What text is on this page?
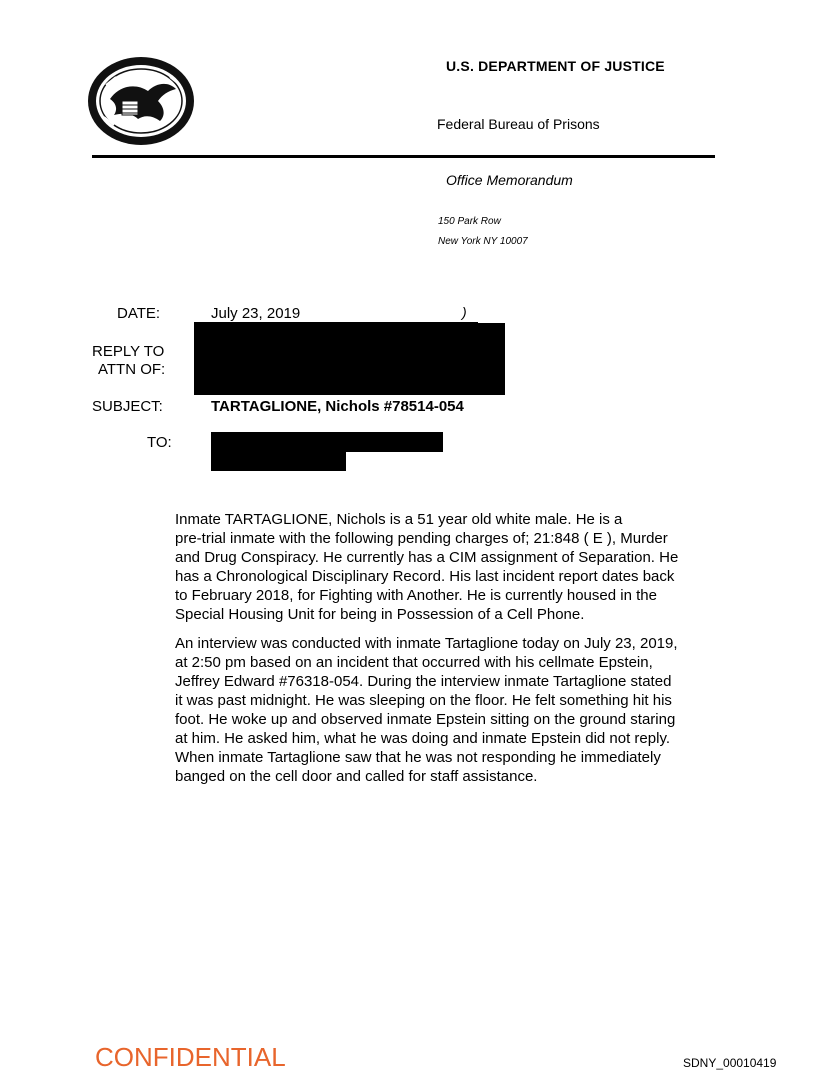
U.S. DEPARTMENT OF JUSTICE
Federal Bureau of Prisons
Office Memorandum
150 Park Row
New York NY 10007
DATE:
REPLY TO
ATTN OF:
SUBJECT:
TO:
July 23, 2019	)
TARTAGLIONE, Nichols #78514-054
Inmate TARTAGLIONE, Nichols is a 51 year old white male. He is a
pre-trial inmate with the following pending charges of; 21:848 ( E ), Murder
and Drug Conspiracy. He currently has a CIM assignment of Separation. He
has a Chronological Disciplinary Record. His last incident report dates back
to February 2018, for Fighting with Another. He is currently housed in the
Special Housing Unit for being in Possession of a Cell Phone.
An interview was conducted with inmate Tartaglione today on July 23, 2019,
at 2:50 pm based on an incident that occurred with his cellmate Epstein,
Jeffrey Edward #76318-054. During the interview inmate Tartaglione stated
it was past midnight. He was sleeping on the floor. He felt something hit his
foot. He woke up and observed inmate Epstein sitting on the ground staring
at him. He asked him, what he was doing and inmate Epstein did not reply.
When inmate Tartaglione saw that he was not responding he immediately
banged on the cell door and called for staff assistance.
CONFIDENTIAL	SDNY_00010419
